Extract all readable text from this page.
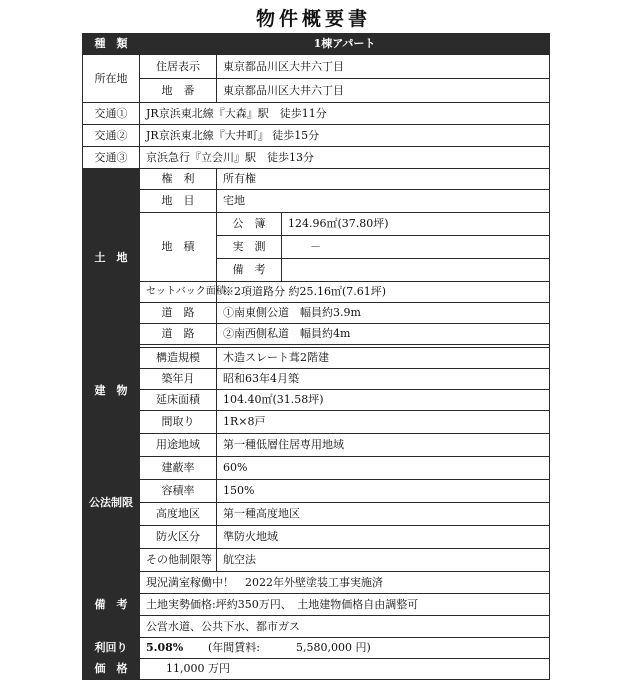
物件概要書
種　類	1棟アパート		
所在地	住居表示	東京都品川区大井六丁目	
	地　番	東京都品川区大井六丁目	
交通①	JR京浜東北線『大森』駅　徒歩11分		
交通②	JR京浜東北線『大井町』 徒歩15分		
交通③	京浜急行『立会川』駅　徒歩13分		
土　地	権　利	所有権	
	地　目	宅地	
	地　積	公　簿	124.96㎡(37.80坪)
		実　測	－
		備　考	
	セットバック面積	※2項道路分 約25.16㎡(7.61坪)	
	道　路	①南東側公道　幅員約3.9m	
	道　路	②南西側私道　幅員約4m	

建　物	構造規模	木造スレート葺2階建	
	築年月	昭和63年4月築	
	延床面積	104.40㎡(31.58坪)	
	間取り	1R×8戸	
公法制限	用途地域	第一種低層住居専用地域	
	建蔽率	60%	
	容積率	150%	
	高度地区	第一種高度地区	
	防火区分	準防火地域	
	その他制限等	航空法	
備　考	現況満室稼働中！　2022年外壁塗装工事実施済		
	土地実勢価格:坪約350万円、　土地建物価格自由調整可		
	公営水道、公共下水、都市ガス		
利回り	5.08% (年間賃料: 5,580,000 円)		
価　格	11,000 万円		
